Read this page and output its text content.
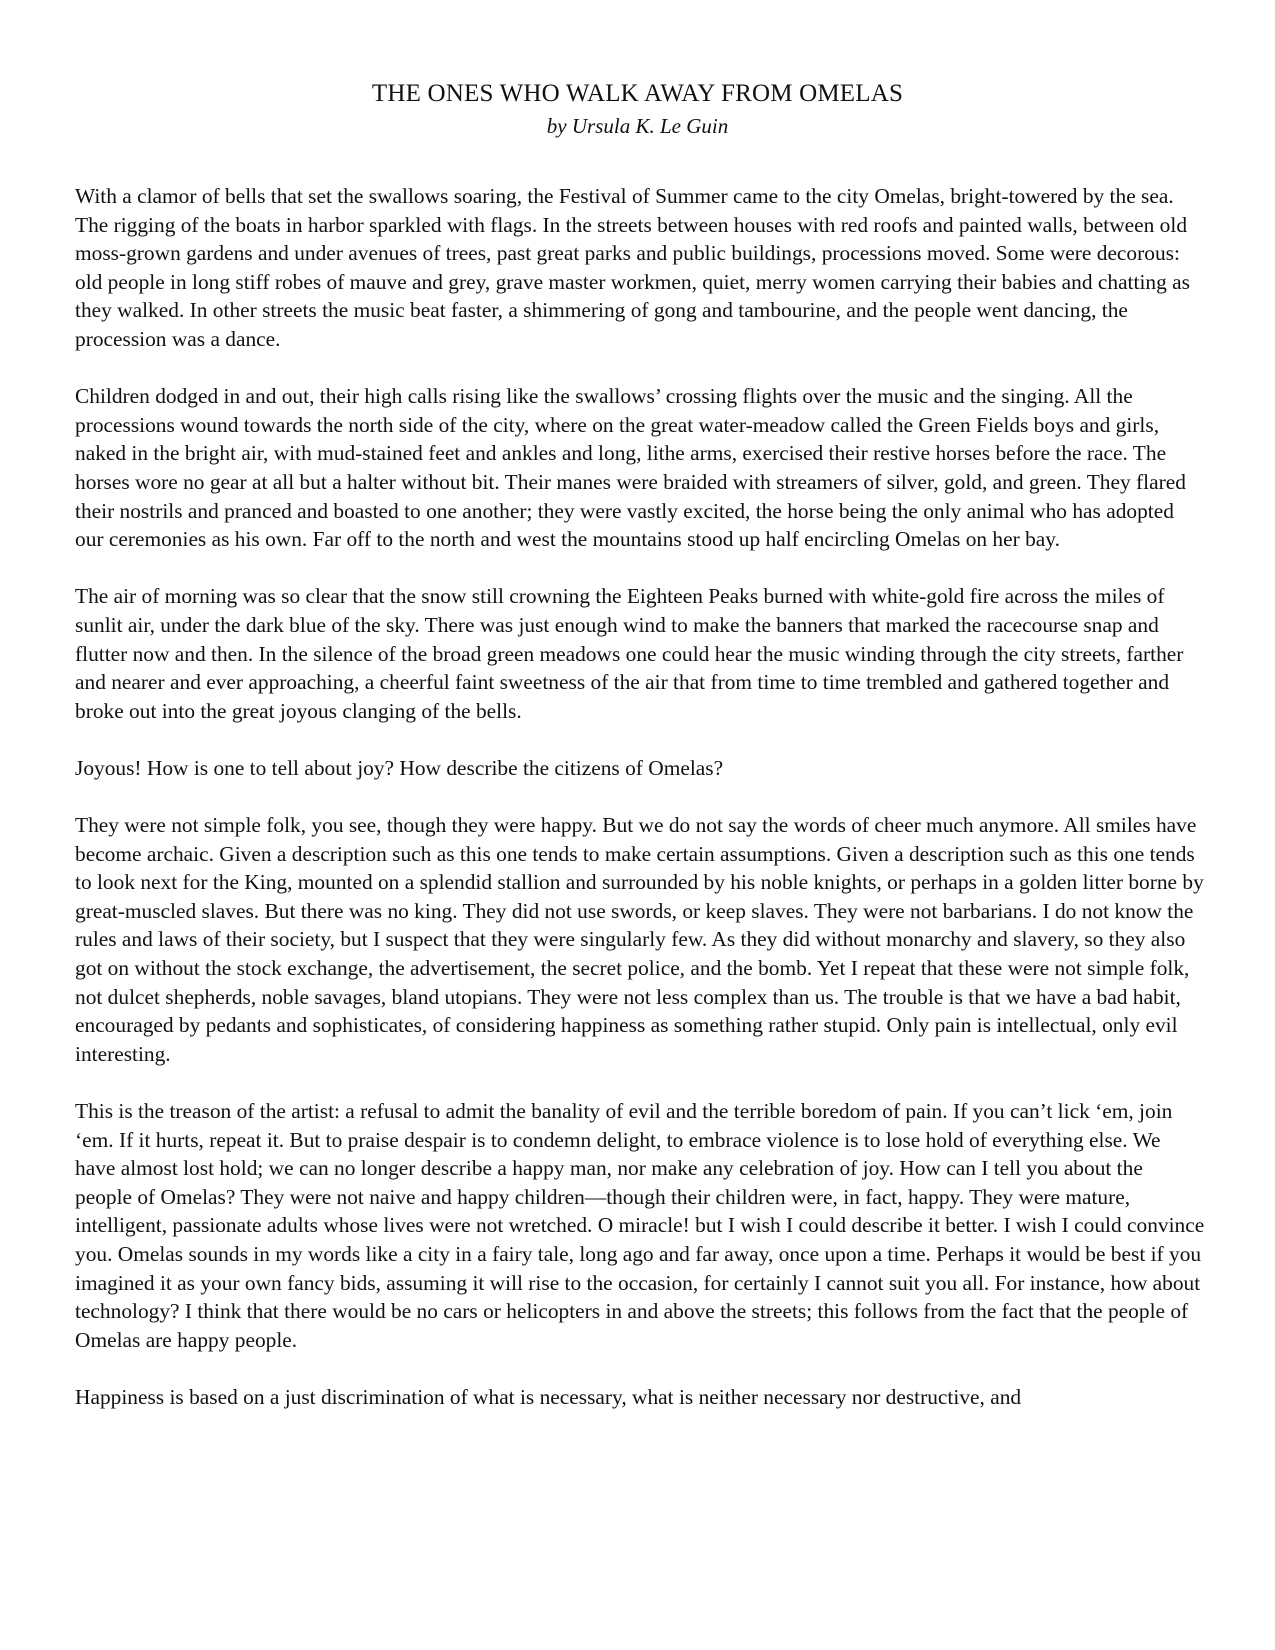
THE ONES WHO WALK AWAY FROM OMELAS
by Ursula K. Le Guin

With a clamor of bells that set the swallows soaring, the Festival of Summer came to the city Omelas, bright-towered by the sea. The rigging of the boats in harbor sparkled with flags. In the streets between houses with red roofs and painted walls, between old moss-grown gardens and under avenues of trees, past great parks and public buildings, processions moved. Some were decorous: old people in long stiff robes of mauve and grey, grave master workmen, quiet, merry women carrying their babies and chatting as they walked. In other streets the music beat faster, a shimmering of gong and tambourine, and the people went dancing, the procession was a dance.

Children dodged in and out, their high calls rising like the swallows’ crossing flights over the music and the singing. All the processions wound towards the north side of the city, where on the great water-meadow called the Green Fields boys and girls, naked in the bright air, with mud-stained feet and ankles and long, lithe arms, exercised their restive horses before the race. The horses wore no gear at all but a halter without bit. Their manes were braided with streamers of silver, gold, and green. They flared their nostrils and pranced and boasted to one another; they were vastly excited, the horse being the only animal who has adopted our ceremonies as his own. Far off to the north and west the mountains stood up half encircling Omelas on her bay.

The air of morning was so clear that the snow still crowning the Eighteen Peaks burned with white-gold fire across the miles of sunlit air, under the dark blue of the sky. There was just enough wind to make the banners that marked the racecourse snap and flutter now and then. In the silence of the broad green meadows one could hear the music winding through the city streets, farther and nearer and ever approaching, a cheerful faint sweetness of the air that from time to time trembled and gathered together and broke out into the great joyous clanging of the bells.

Joyous! How is one to tell about joy? How describe the citizens of Omelas?

They were not simple folk, you see, though they were happy. But we do not say the words of cheer much anymore. All smiles have become archaic. Given a description such as this one tends to make certain assumptions. Given a description such as this one tends to look next for the King, mounted on a splendid stallion and surrounded by his noble knights, or perhaps in a golden litter borne by great-muscled slaves. But there was no king. They did not use swords, or keep slaves. They were not barbarians. I do not know the rules and laws of their society, but I suspect that they were singularly few. As they did without monarchy and slavery, so they also got on without the stock exchange, the advertisement, the secret police, and the bomb. Yet I repeat that these were not simple folk, not dulcet shepherds, noble savages, bland utopians. They were not less complex than us. The trouble is that we have a bad habit, encouraged by pedants and sophisticates, of considering happiness as something rather stupid. Only pain is intellectual, only evil interesting.

This is the treason of the artist: a refusal to admit the banality of evil and the terrible boredom of pain. If you can’t lick ‘em, join ‘em. If it hurts, repeat it. But to praise despair is to condemn delight, to embrace violence is to lose hold of everything else. We have almost lost hold; we can no longer describe a happy man, nor make any celebration of joy. How can I tell you about the people of Omelas? They were not naive and happy children—though their children were, in fact, happy. They were mature, intelligent, passionate adults whose lives were not wretched. O miracle! but I wish I could describe it better. I wish I could convince you. Omelas sounds in my words like a city in a fairy tale, long ago and far away, once upon a time. Perhaps it would be best if you imagined it as your own fancy bids, assuming it will rise to the occasion, for certainly I cannot suit you all. For instance, how about technology? I think that there would be no cars or helicopters in and above the streets; this follows from the fact that the people of Omelas are happy people.

Happiness is based on a just discrimination of what is necessary, what is neither necessary nor destructive, and
